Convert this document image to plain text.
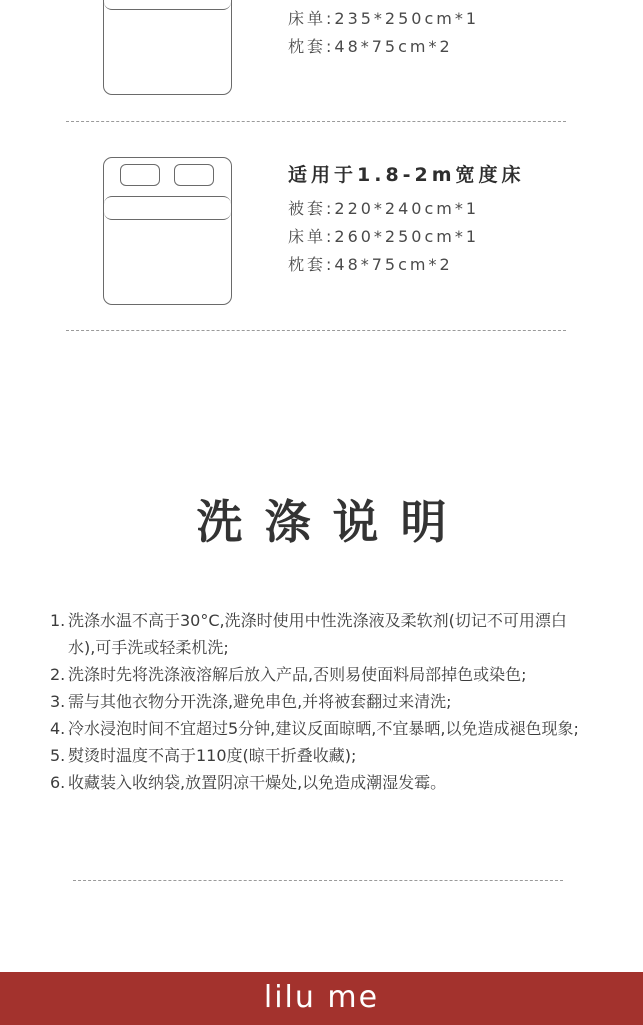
床单:235*250cm*1
枕套:48*75cm*2
适用于1.8-2m宽度床
被套:220*240cm*1
床单:260*250cm*1
枕套:48*75cm*2
洗涤说明
1. 洗涤水温不高于30°C,洗涤时使用中性洗涤液及柔软剂(切记不可用漂白水),可手洗或轻柔机洗;
2. 洗涤时先将洗涤液溶解后放入产品,否则易使面料局部掉色或染色;
3. 需与其他衣物分开洗涤,避免串色,并将被套翻过来清洗;
4. 冷水浸泡时间不宜超过5分钟,建议反面晾晒,不宜暴晒,以免造成褪色现象;
5. 熨烫时温度不高于110度(晾干折叠收藏);
6. 收藏装入收纳袋,放置阴凉干燥处,以免造成潮湿发霉。
lilu me
